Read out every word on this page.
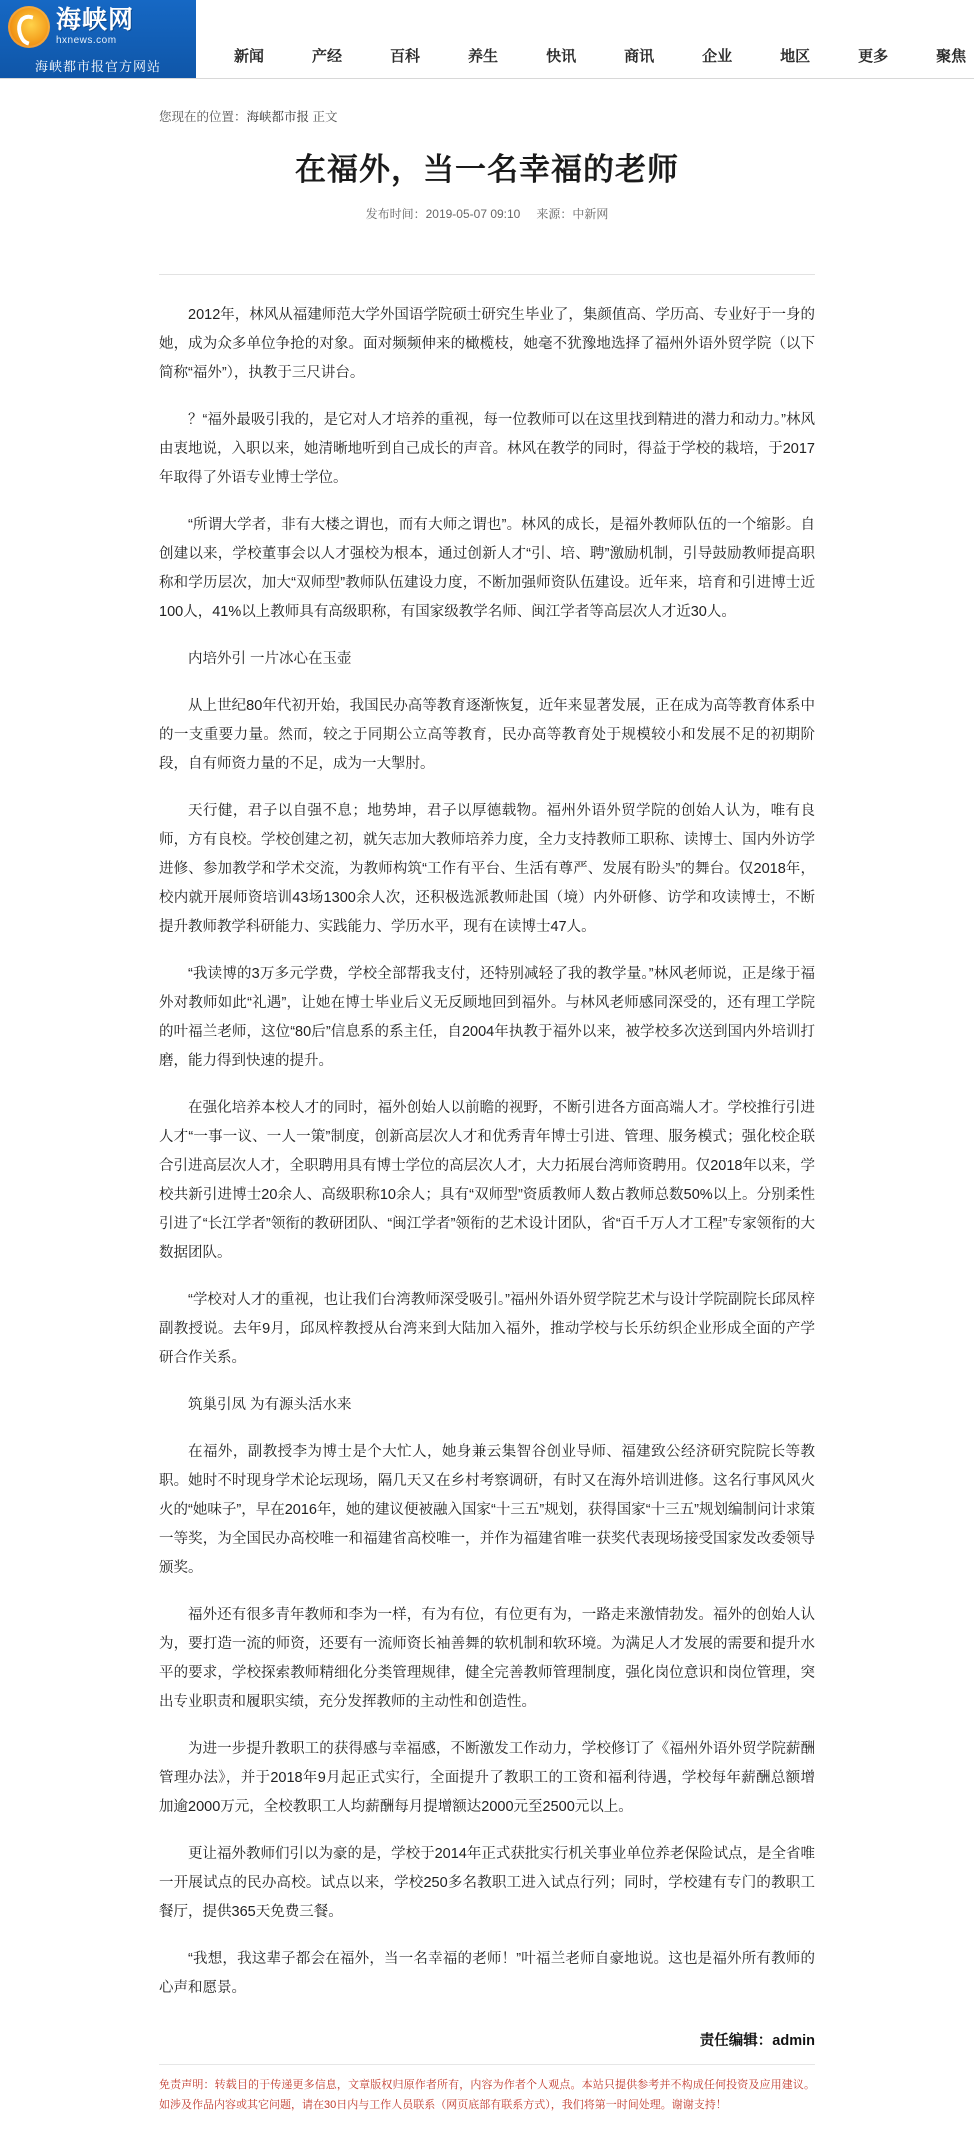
海峡网
hxnews.com
海峡都市报官方网站
新闻	产经	百科	养生	快讯	商讯	企业	地区	更多	聚焦
您现在的位置：海峡都市报 正文
在福外，当一名幸福的老师
发布时间：2019-05-07 09:10 来源：中新网

2012年，林风从福建师范大学外国语学院硕士研究生毕业了，集颜值高、学历高、专业好于一身的她，成为众多单位争抢的对象。面对频频伸来的橄榄枝，她毫不犹豫地选择了福州外语外贸学院（以下简称“福外”），执教于三尺讲台。

？“福外最吸引我的，是它对人才培养的重视，每一位教师可以在这里找到精进的潜力和动力。”林风由衷地说，入职以来，她清晰地听到自己成长的声音。林风在教学的同时，得益于学校的栽培，于2017年取得了外语专业博士学位。

“所谓大学者，非有大楼之谓也，而有大师之谓也”。林风的成长，是福外教师队伍的一个缩影。自创建以来，学校董事会以人才强校为根本，通过创新人才“引、培、聘”激励机制，引导鼓励教师提高职称和学历层次，加大“双师型”教师队伍建设力度，不断加强师资队伍建设。近年来，培育和引进博士近100人，41%以上教师具有高级职称，有国家级教学名师、闽江学者等高层次人才近30人。

内培外引 一片冰心在玉壶

从上世纪80年代初开始，我国民办高等教育逐渐恢复，近年来显著发展，正在成为高等教育体系中的一支重要力量。然而，较之于同期公立高等教育，民办高等教育处于规模较小和发展不足的初期阶段，自有师资力量的不足，成为一大掣肘。

天行健，君子以自强不息；地势坤，君子以厚德载物。福州外语外贸学院的创始人认为，唯有良师，方有良校。学校创建之初，就矢志加大教师培养力度，全力支持教师工职称、读博士、国内外访学进修、参加教学和学术交流，为教师构筑“工作有平台、生活有尊严、发展有盼头”的舞台。仅2018年，校内就开展师资培训43场1300余人次，还积极选派教师赴国（境）内外研修、访学和攻读博士，不断提升教师教学科研能力、实践能力、学历水平，现有在读博士47人。

“我读博的3万多元学费，学校全部帮我支付，还特别减轻了我的教学量。”林风老师说，正是缘于福外对教师如此“礼遇”，让她在博士毕业后义无反顾地回到福外。与林风老师感同深受的，还有理工学院的叶福兰老师，这位“80后”信息系的系主任，自2004年执教于福外以来，被学校多次送到国内外培训打磨，能力得到快速的提升。

在强化培养本校人才的同时，福外创始人以前瞻的视野，不断引进各方面高端人才。学校推行引进人才“一事一议、一人一策”制度，创新高层次人才和优秀青年博士引进、管理、服务模式；强化校企联合引进高层次人才，全职聘用具有博士学位的高层次人才，大力拓展台湾师资聘用。仅2018年以来，学校共新引进博士20余人、高级职称10余人；具有“双师型”资质教师人数占教师总数50%以上。分别柔性引进了“长江学者”领衔的教研团队、“闽江学者”领衔的艺术设计团队，省“百千万人才工程”专家领衔的大数据团队。

“学校对人才的重视，也让我们台湾教师深受吸引。”福州外语外贸学院艺术与设计学院副院长邱凤梓副教授说。去年9月，邱凤梓教授从台湾来到大陆加入福外，推动学校与长乐纺织企业形成全面的产学研合作关系。

筑巢引凤 为有源头活水来

在福外，副教授李为博士是个大忙人，她身兼云集智谷创业导师、福建致公经济研究院院长等教职。她时不时现身学术论坛现场，隔几天又在乡村考察调研，有时又在海外培训进修。这名行事风风火火的“她味子”，早在2016年，她的建议便被融入国家“十三五”规划，获得国家“十三五”规划编制问计求策一等奖，为全国民办高校唯一和福建省高校唯一，并作为福建省唯一获奖代表现场接受国家发改委领导颁奖。

福外还有很多青年教师和李为一样，有为有位，有位更有为，一路走来激情勃发。福外的创始人认为，要打造一流的师资，还要有一流师资长袖善舞的软机制和软环境。为满足人才发展的需要和提升水平的要求，学校探索教师精细化分类管理规律，健全完善教师管理制度，强化岗位意识和岗位管理，突出专业职责和履职实绩，充分发挥教师的主动性和创造性。

为进一步提升教职工的获得感与幸福感，不断激发工作动力，学校修订了《福州外语外贸学院薪酬管理办法》，并于2018年9月起正式实行，全面提升了教职工的工资和福利待遇，学校每年薪酬总额增加逾2000万元，全校教职工人均薪酬每月提增额达2000元至2500元以上。

更让福外教师们引以为豪的是，学校于2014年正式获批实行机关事业单位养老保险试点，是全省唯一开展试点的民办高校。试点以来，学校250多名教职工进入试点行列；同时，学校建有专门的教职工餐厅，提供365天免费三餐。

“我想，我这辈子都会在福外，当一名幸福的老师！”叶福兰老师自豪地说。这也是福外所有教师的心声和愿景。

责任编辑：admin
免责声明：转载目的于传递更多信息，文章版权归原作者所有，内容为作者个人观点。本站只提供参考并不构成任何投资及应用建议。如涉及作品内容或其它问题，请在30日内与工作人员联系（网页底部有联系方式），我们将第一时间处理。谢谢支持！
